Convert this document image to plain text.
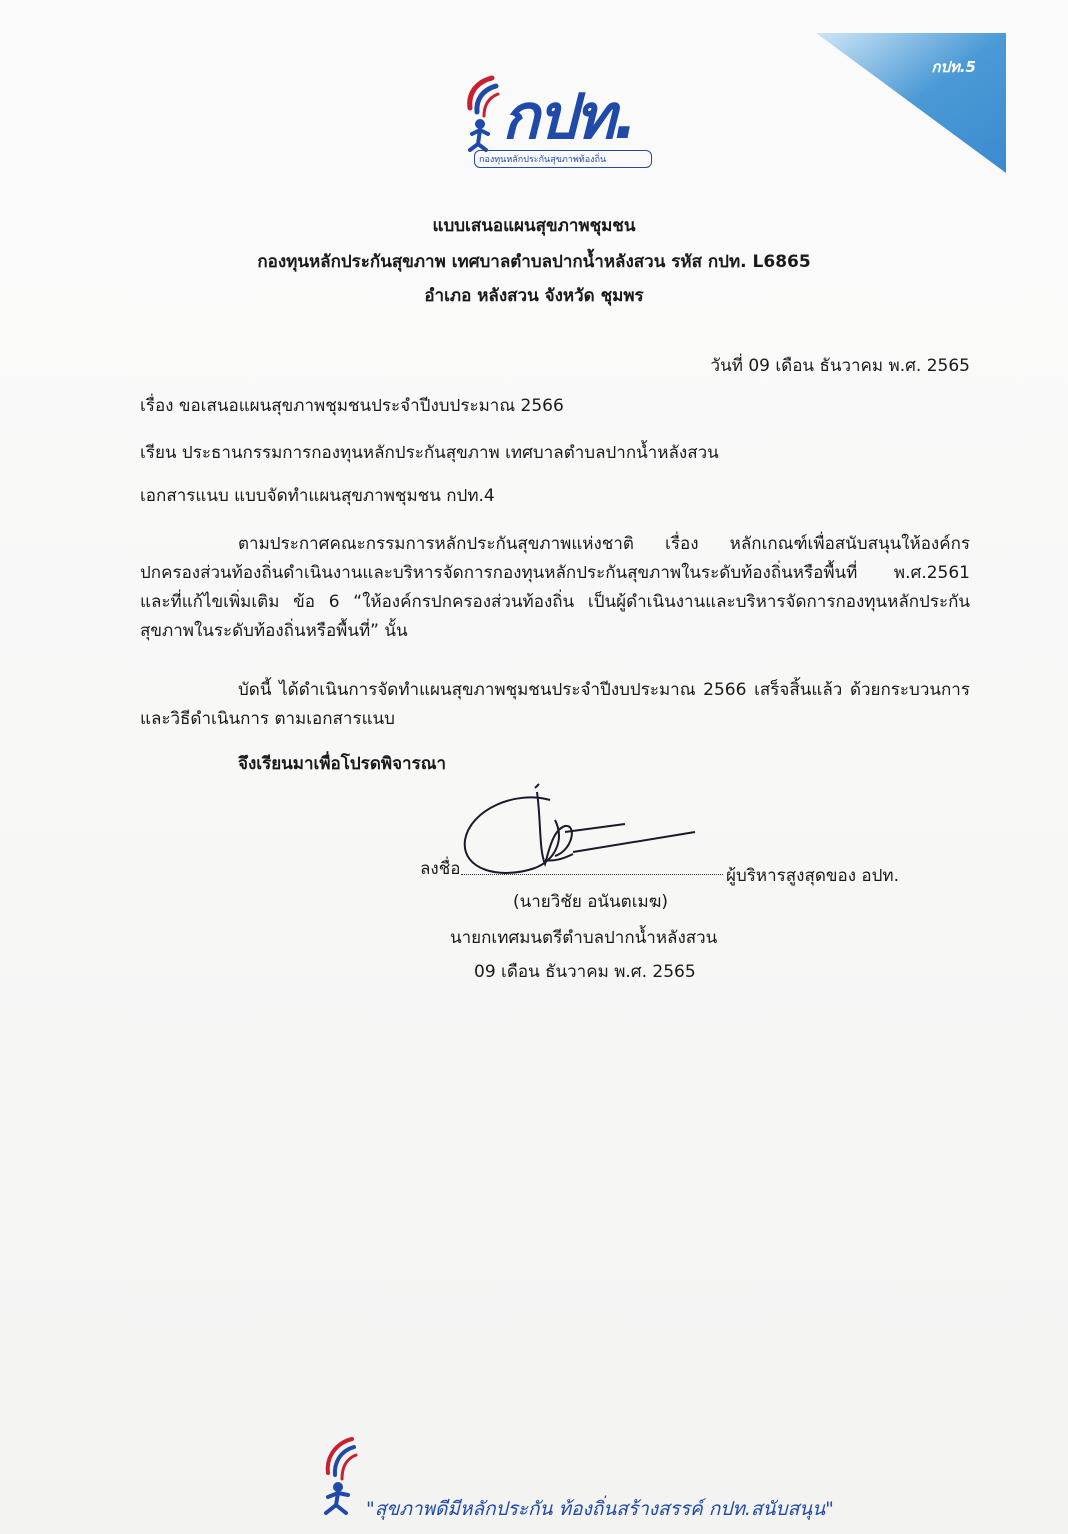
กปท.5
กปท.
กองทุนหลักประกันสุขภาพท้องถิ่น
แบบเสนอแผนสุขภาพชุมชน
กองทุนหลักประกันสุขภาพ เทศบาลตำบลปากน้ำหลังสวน รหัส กปท. L6865
อำเภอ หลังสวน จังหวัด ชุมพร
วันที่ 09 เดือน ธันวาคม พ.ศ. 2565
เรื่อง ขอเสนอแผนสุขภาพชุมชนประจำปีงบประมาณ 2566
เรียน ประธานกรรมการกองทุนหลักประกันสุขภาพ เทศบาลตำบลปากน้ำหลังสวน
เอกสารแนบ แบบจัดทำแผนสุขภาพชุมชน กปท.4
ตามประกาศคณะกรรมการหลักประกันสุขภาพแห่งชาติ เรื่อง หลักเกณฑ์เพื่อสนับสนุนให้องค์กรปกครองส่วนท้องถิ่นดำเนินงานและบริหารจัดการกองทุนหลักประกันสุขภาพในระดับท้องถิ่นหรือพื้นที่ พ.ศ.2561 และที่แก้ไขเพิ่มเติม ข้อ 6 “ให้องค์กรปกครองส่วนท้องถิ่น เป็นผู้ดำเนินงานและบริหารจัดการกองทุนหลักประกันสุขภาพในระดับท้องถิ่นหรือพื้นที่” นั้น
บัดนี้ ได้ดำเนินการจัดทำแผนสุขภาพชุมชนประจำปีงบประมาณ 2566 เสร็จสิ้นแล้ว ด้วยกระบวนการและวิธีดำเนินการ ตามเอกสารแนบ
จึงเรียนมาเพื่อโปรดพิจารณา
ลงชื่อ	ผู้บริหารสูงสุดของ อปท.
(นายวิชัย อนันตเมฆ)
นายกเทศมนตรีตำบลปากน้ำหลังสวน
09 เดือน ธันวาคม พ.ศ. 2565
"สุขภาพดีมีหลักประกัน ท้องถิ่นสร้างสรรค์ กปท.สนับสนุน"
